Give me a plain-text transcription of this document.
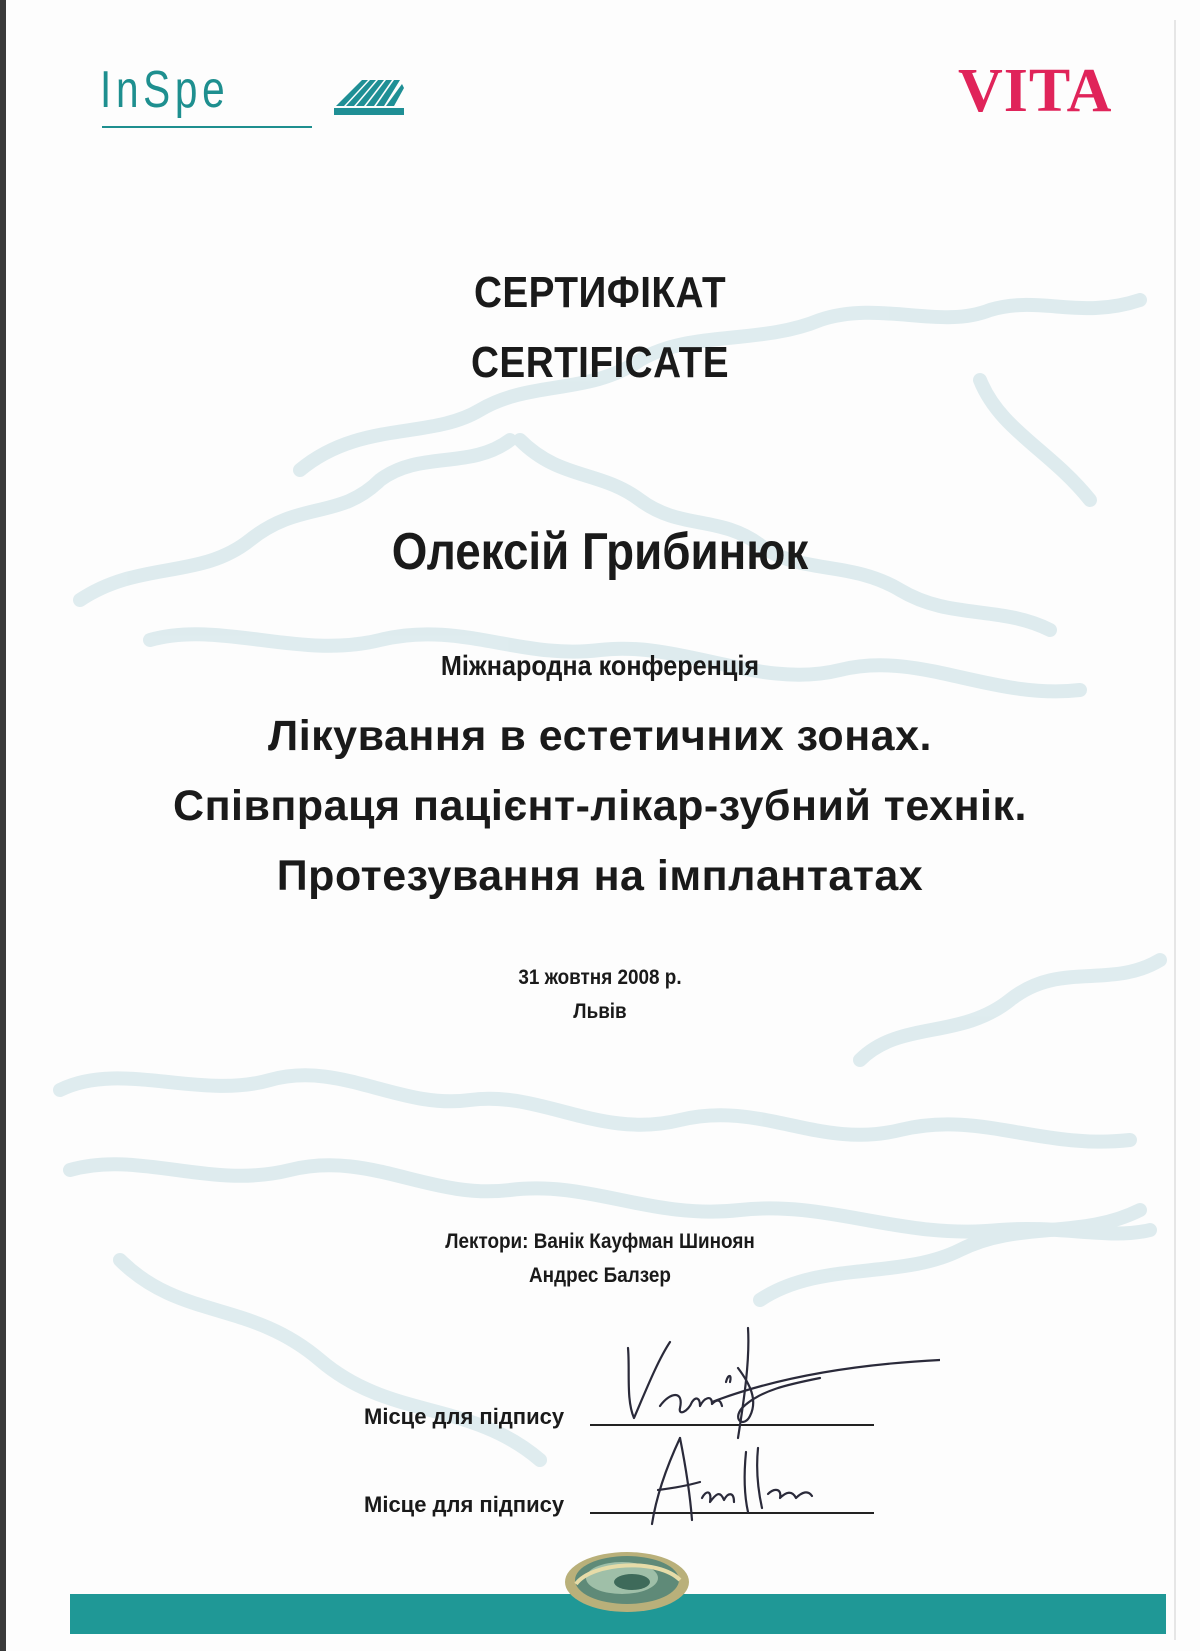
InSpe	VITA
СЕРТИФІКАТ
CERTIFICATE
Олексій Грибинюк
Міжнародна конференція
Лікування в естетичних зонах.
Співпраця пацієнт-лікар-зубний технік.
Протезування на імплантатах
31 жовтня 2008 р.
Львів
Лектори: Ванік Кауфман Шиноян
Андрес Балзер
Місце для підпису
Місце для підпису
